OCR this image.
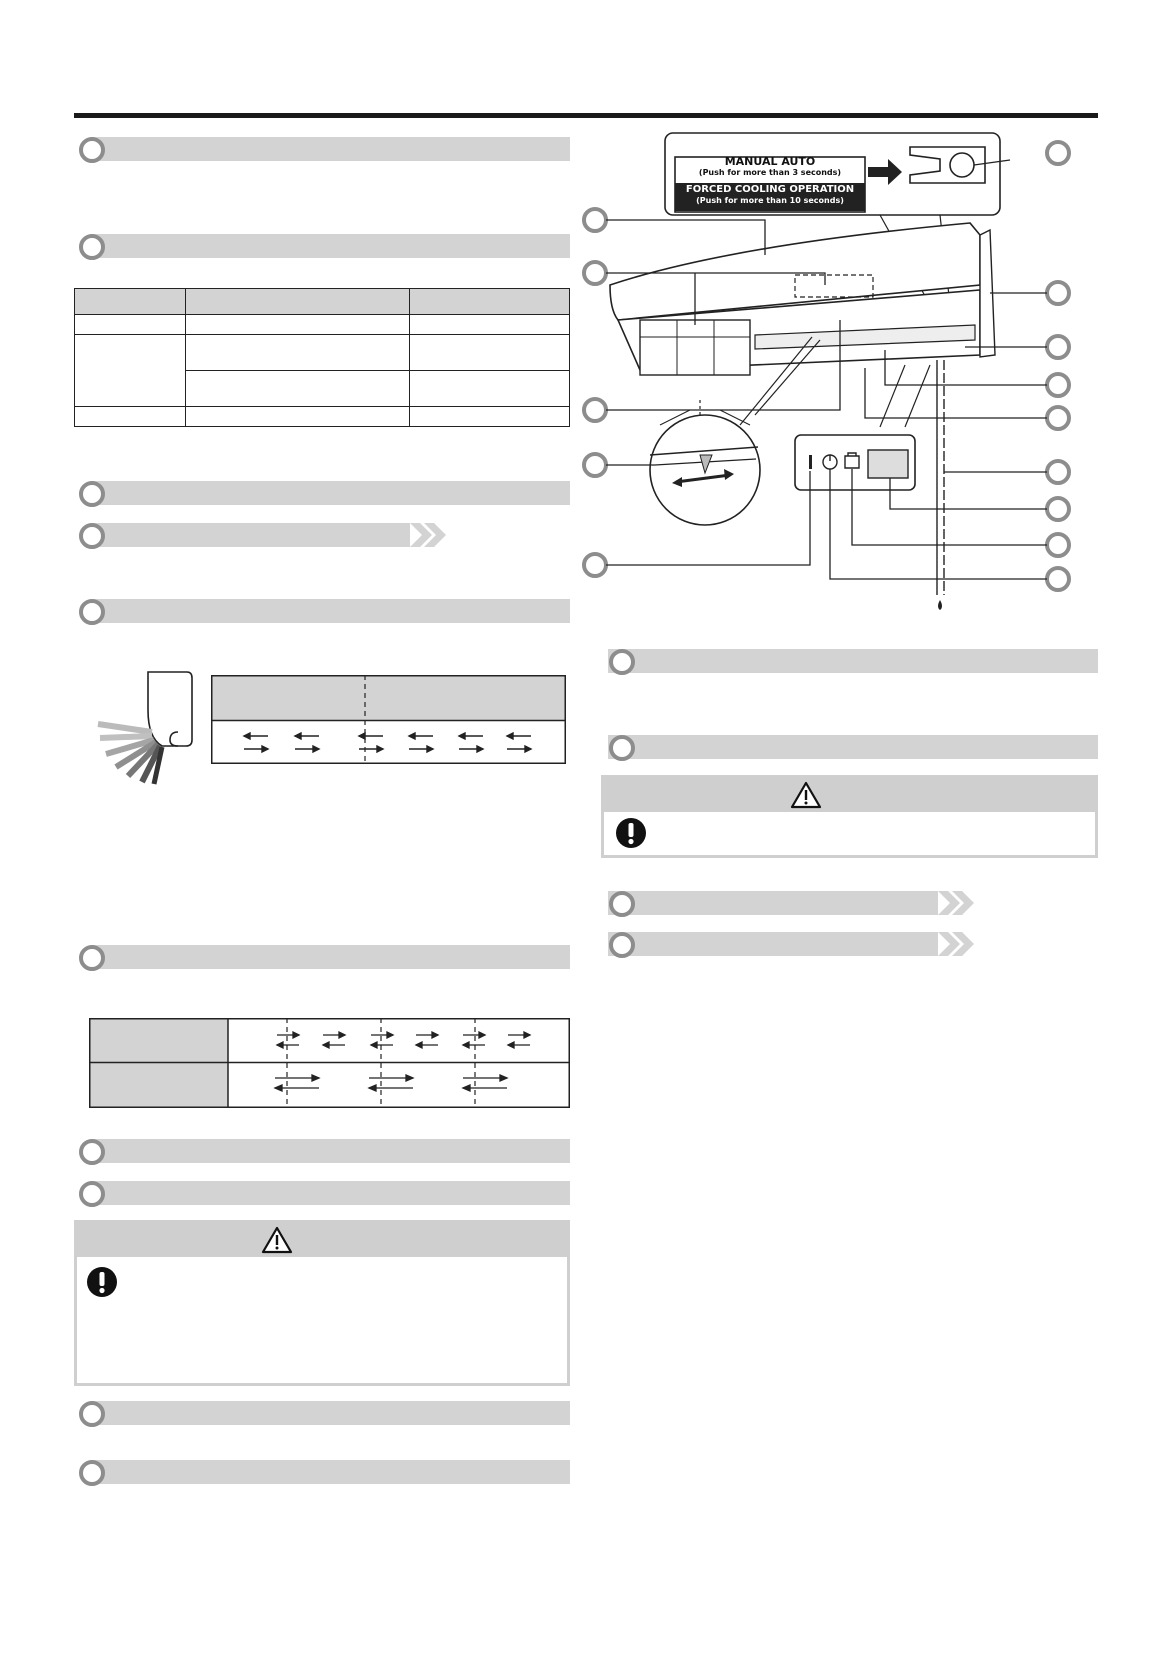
MANUAL AUTO
(Push for more than 3 seconds)
FORCED COOLING OPERATION
(Push for more than 10 seconds)
